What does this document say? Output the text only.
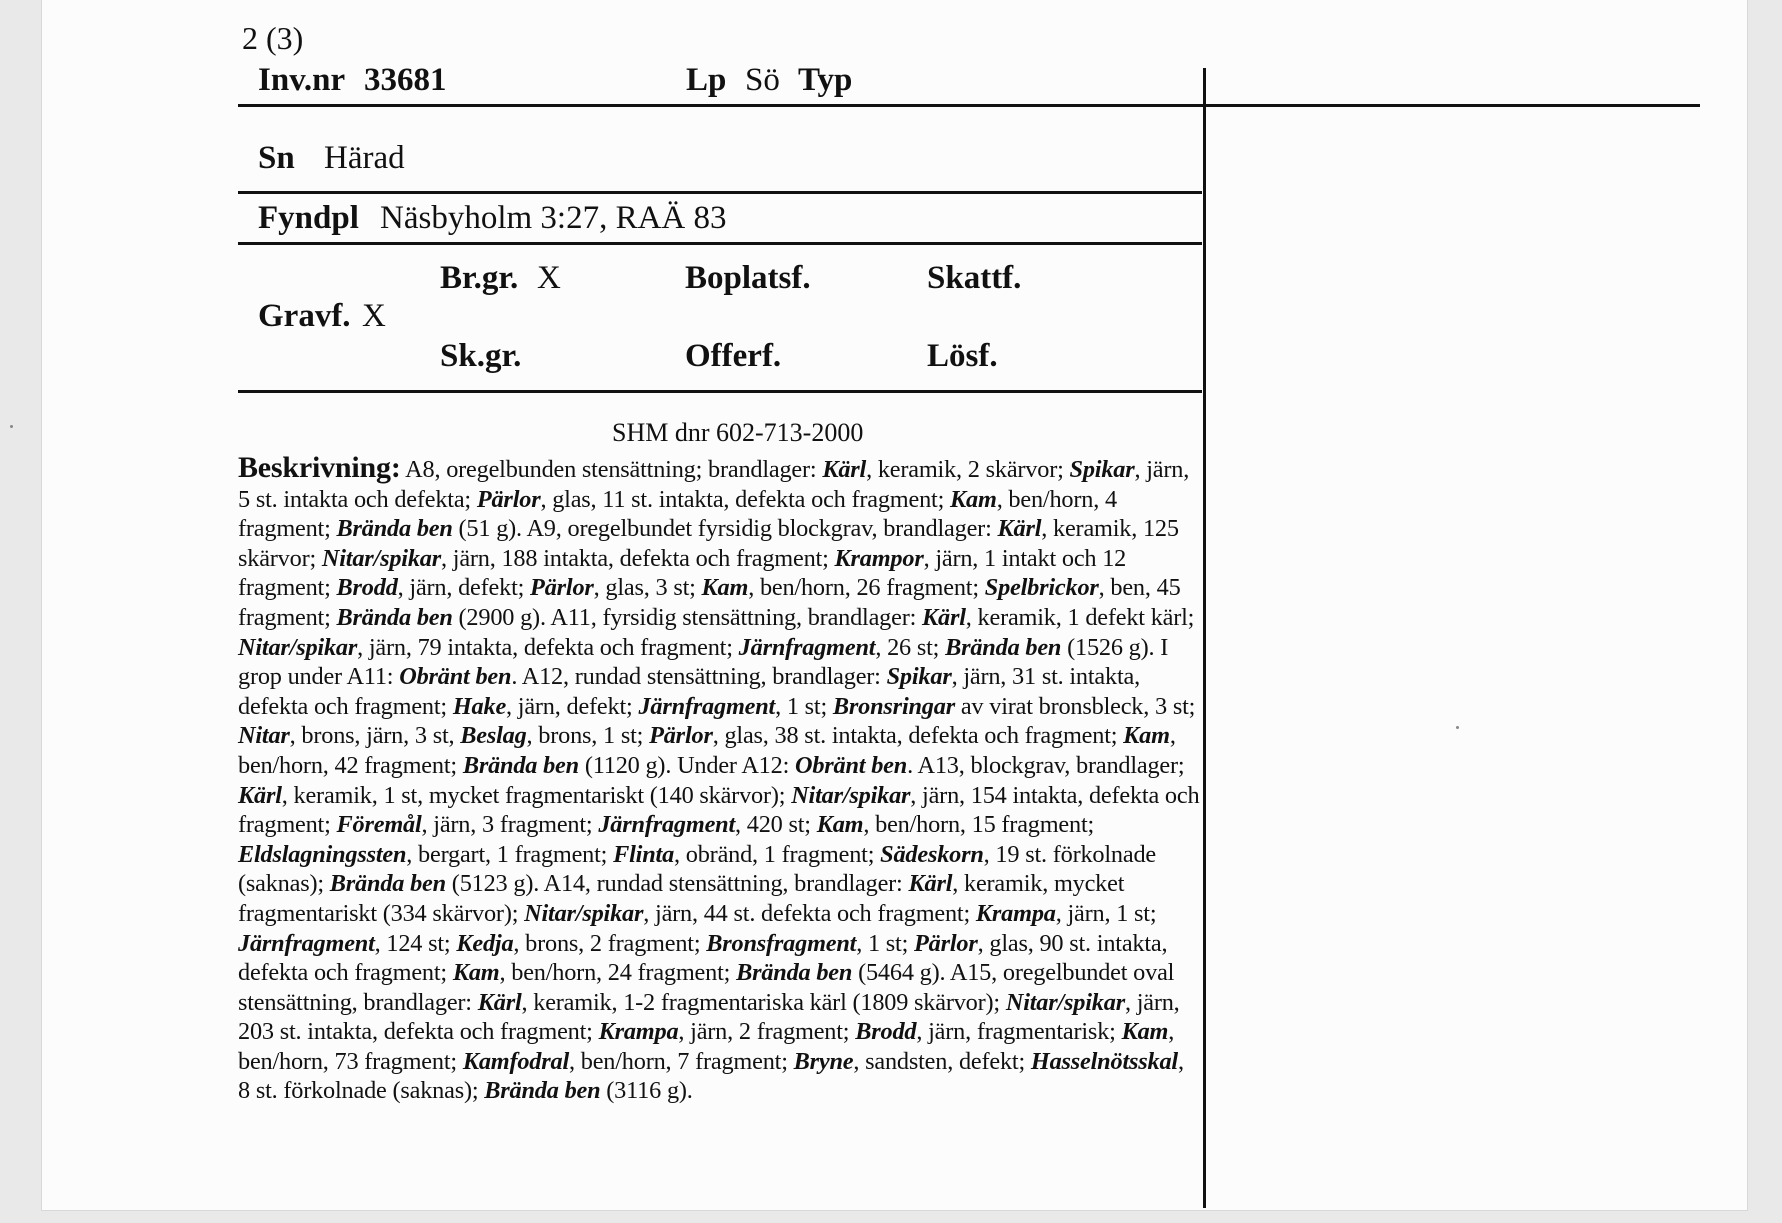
2 (3)
Inv.nr 33681	Lp Sö Typ
Sn Härad
Fyndpl Näsbyholm 3:27, RAÄ 83
Br.gr. X	Boplatsf.	Skattf.
Gravf. X
Sk.gr.	Offerf.	Lösf.
SHM dnr 602-713-2000
Beskrivning: A8, oregelbunden stensättning; brandlager: Kärl, keramik, 2 skärvor; Spikar, järn, 5 st. intakta och defekta; Pärlor, glas, 11 st. intakta, defekta och fragment; Kam, ben/horn, 4 fragment; Brända ben (51 g). A9, oregelbundet fyrsidig blockgrav, brandlager: Kärl, keramik, 125 skärvor; Nitar/spikar, järn, 188 intakta, defekta och fragment; Krampor, järn, 1 intakt och 12 fragment; Brodd, järn, defekt; Pärlor, glas, 3 st; Kam, ben/horn, 26 fragment; Spelbrickor, ben, 45 fragment; Brända ben (2900 g). A11, fyrsidig stensättning, brandlager: Kärl, keramik, 1 defekt kärl; Nitar/spikar, järn, 79 intakta, defekta och fragment; Järnfragment, 26 st; Brända ben (1526 g). I grop under A11: Obränt ben. A12, rundad stensättning, brandlager: Spikar, järn, 31 st. intakta, defekta och fragment; Hake, järn, defekt; Järnfragment, 1 st; Bronsringar av virat bronsbleck, 3 st; Nitar, brons, järn, 3 st, Beslag, brons, 1 st; Pärlor, glas, 38 st. intakta, defekta och fragment; Kam, ben/horn, 42 fragment; Brända ben (1120 g). Under A12: Obränt ben. A13, blockgrav, brandlager; Kärl, keramik, 1 st, mycket fragmentariskt (140 skärvor); Nitar/spikar, järn, 154 intakta, defekta och fragment; Föremål, järn, 3 fragment; Järnfragment, 420 st; Kam, ben/horn, 15 fragment; Eldslagningssten, bergart, 1 fragment; Flinta, obränd, 1 fragment; Sädeskorn, 19 st. förkolnade (saknas); Brända ben (5123 g). A14, rundad stensättning, brandlager: Kärl, keramik, mycket fragmentariskt (334 skärvor); Nitar/spikar, järn, 44 st. defekta och fragment; Krampa, järn, 1 st; Järnfragment, 124 st; Kedja, brons, 2 fragment; Bronsfragment, 1 st; Pärlor, glas, 90 st. intakta, defekta och fragment; Kam, ben/horn, 24 fragment; Brända ben (5464 g). A15, oregelbundet oval stensättning, brandlager: Kärl, keramik, 1-2 fragmentariska kärl (1809 skärvor); Nitar/spikar, järn, 203 st. intakta, defekta och fragment; Krampa, järn, 2 fragment; Brodd, järn, fragmentarisk; Kam, ben/horn, 73 fragment; Kamfodral, ben/horn, 7 fragment; Bryne, sandsten, defekt; Hasselnötsskal, 8 st. förkolnade (saknas); Brända ben (3116 g).
